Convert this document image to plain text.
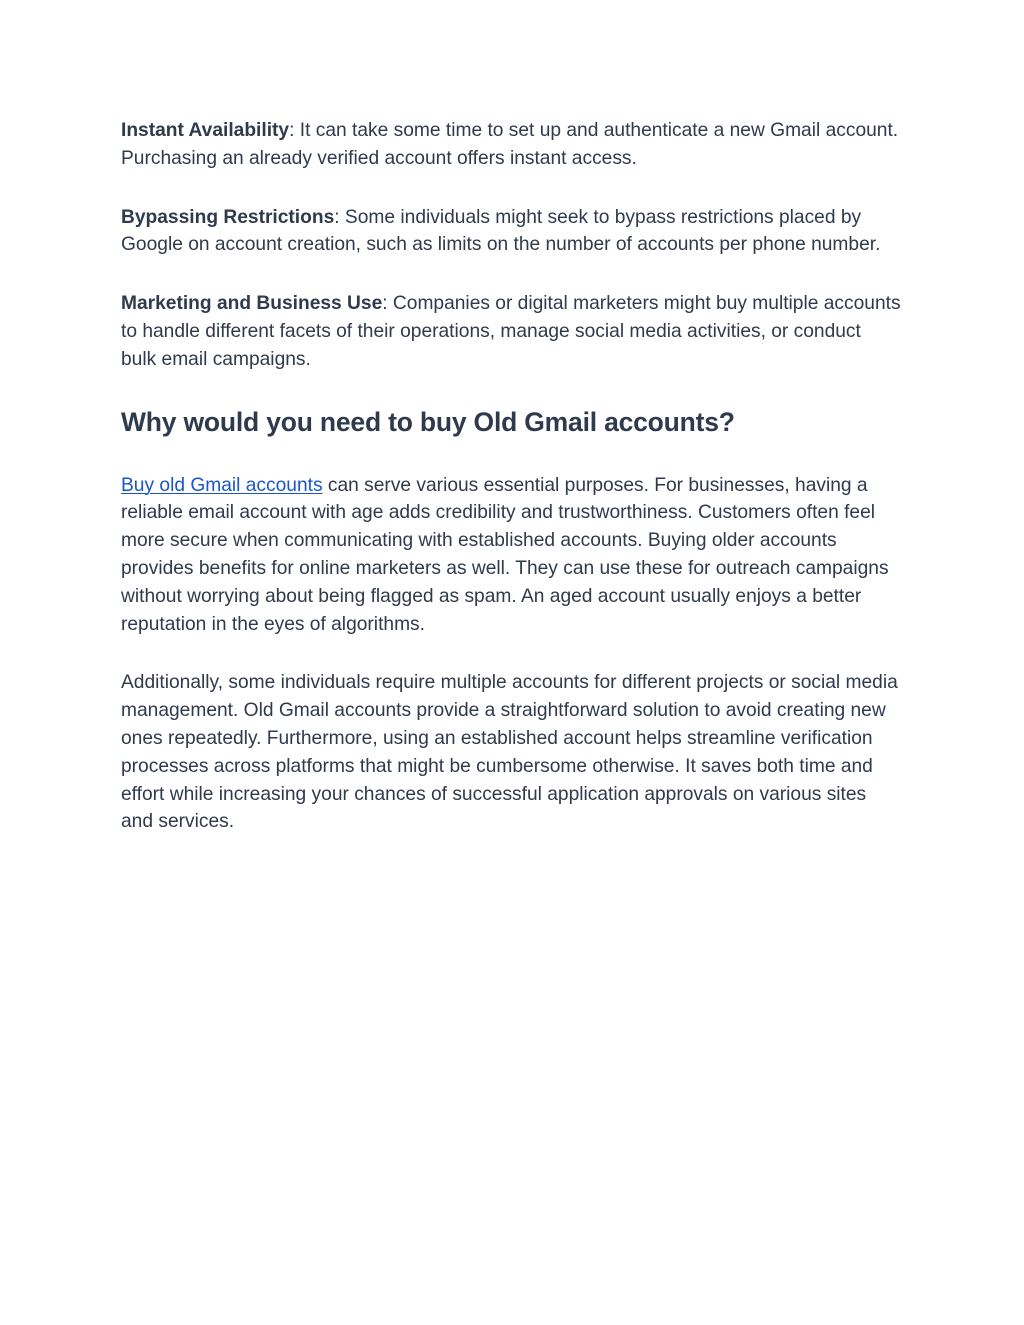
Instant Availability: It can take some time to set up and authenticate a new Gmail account. Purchasing an already verified account offers instant access.

Bypassing Restrictions: Some individuals might seek to bypass restrictions placed by Google on account creation, such as limits on the number of accounts per phone number.

Marketing and Business Use: Companies or digital marketers might buy multiple accounts to handle different facets of their operations, manage social media activities, or conduct bulk email campaigns.

Why would you need to buy Old Gmail accounts?

Buy old Gmail accounts can serve various essential purposes. For businesses, having a reliable email account with age adds credibility and trustworthiness. Customers often feel more secure when communicating with established accounts. Buying older accounts provides benefits for online marketers as well. They can use these for outreach campaigns without worrying about being flagged as spam. An aged account usually enjoys a better reputation in the eyes of algorithms.

Additionally, some individuals require multiple accounts for different projects or social media management. Old Gmail accounts provide a straightforward solution to avoid creating new ones repeatedly. Furthermore, using an established account helps streamline verification processes across platforms that might be cumbersome otherwise. It saves both time and effort while increasing your chances of successful application approvals on various sites and services.
